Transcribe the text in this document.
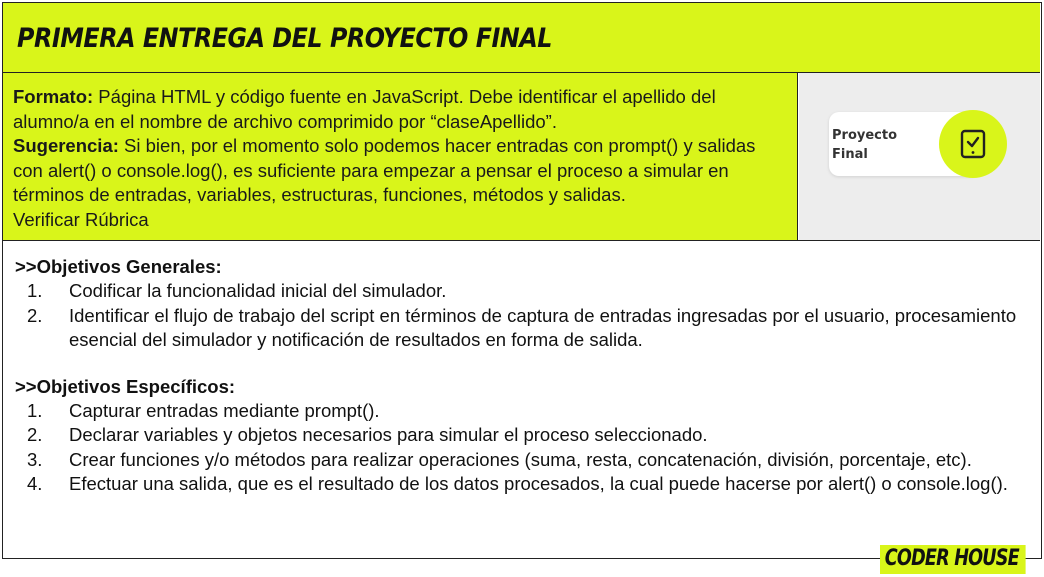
PRIMERA ENTREGA DEL PROYECTO FINAL
Formato: Página HTML y código fuente en JavaScript. Debe identificar el apellido del alumno/a en el nombre de archivo comprimido por “claseApellido”.
Sugerencia: Si bien, por el momento solo podemos hacer entradas con prompt() y salidas con alert() o console.log(), es suficiente para empezar a pensar el proceso a simular en términos de entradas, variables, estructuras, funciones, métodos y salidas.
Verificar Rúbrica
Proyecto
Final
>>Objetivos Generales:
1. Codificar la funcionalidad inicial del simulador.
2. Identificar el flujo de trabajo del script en términos de captura de entradas ingresadas por el usuario, procesamiento esencial del simulador y notificación de resultados en forma de salida.
>>Objetivos Específicos:
1. Capturar entradas mediante prompt().
2. Declarar variables y objetos necesarios para simular el proceso seleccionado.
3. Crear funciones y/o métodos para realizar operaciones (suma, resta, concatenación, división, porcentaje, etc).
4. Efectuar una salida, que es el resultado de los datos procesados, la cual puede hacerse por alert() o console.log().
CODER HOUSE
